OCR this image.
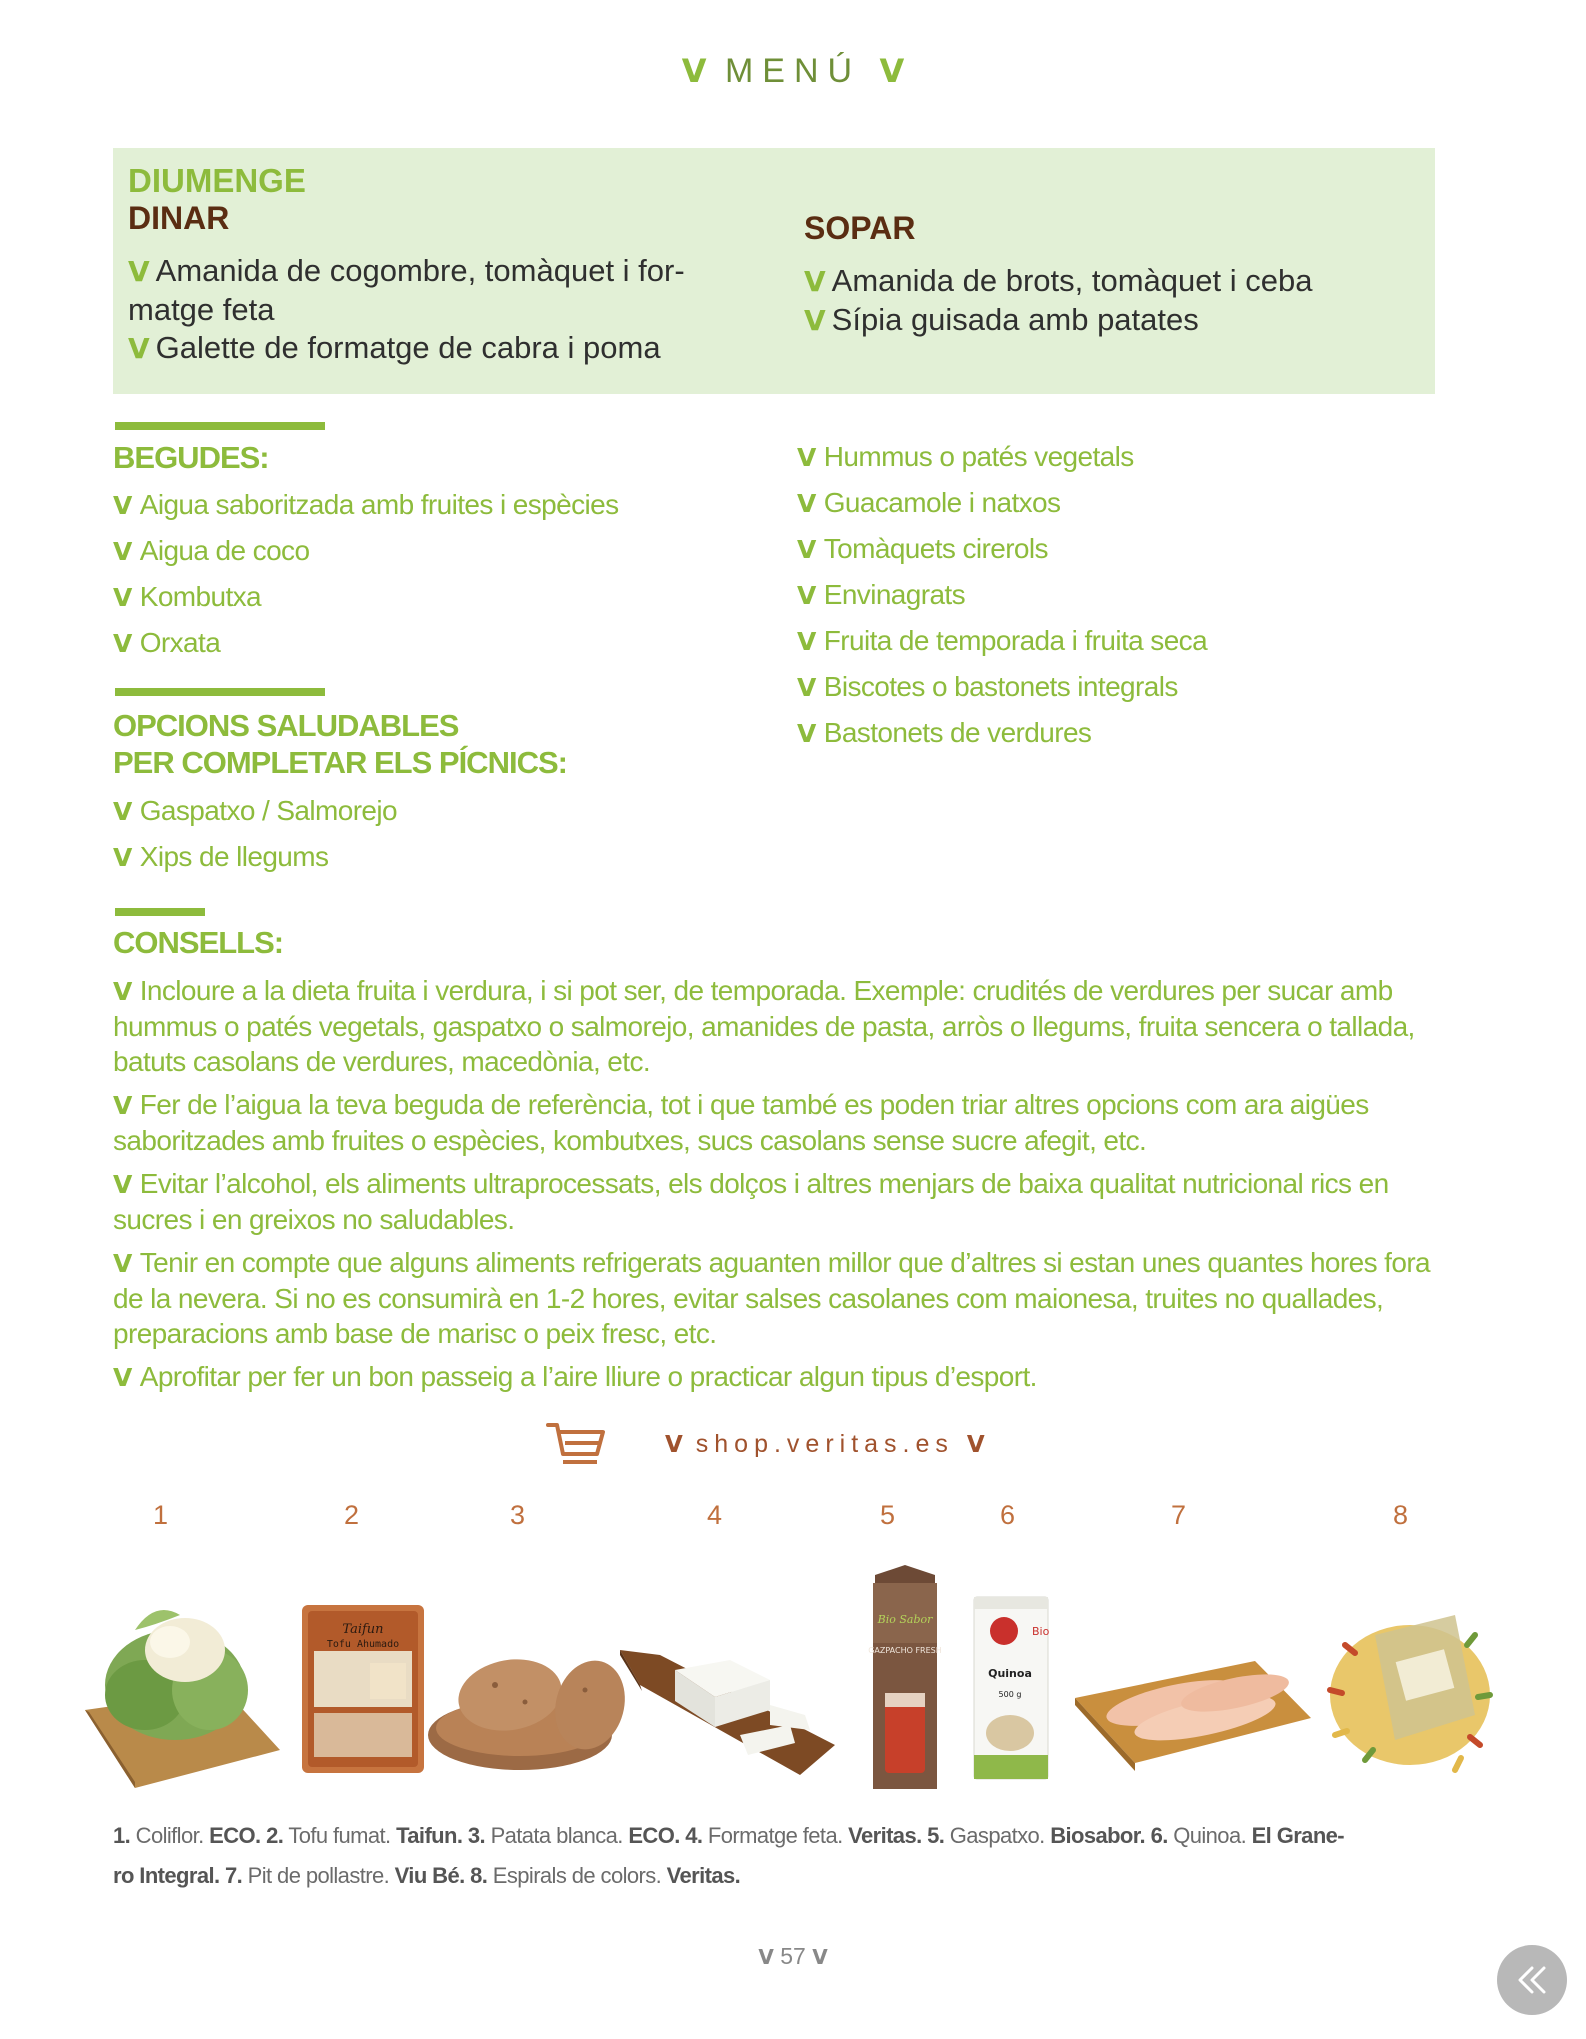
V MENÚ V
DIUMENGE
DINAR
V Amanida de cogombre, tomàquet i for-matge feta
V Galette de formatge de cabra i poma
SOPAR
V Amanida de brots, tomàquet i ceba
V Sípia guisada amb patates
BEGUDES:
V Aigua saboritzada amb fruites i espècies
V Aigua de coco
V Kombutxa
V Orxata
OPCIONS SALUDABLES
PER COMPLETAR ELS PÍCNICS:
V Gaspatxo / Salmorejo
V Xips de llegums
V Hummus o patés vegetals
V Guacamole i natxos
V Tomàquets cirerols
V Envinagrats
V Fruita de temporada i fruita seca
V Biscotes o bastonets integrals
V Bastonets de verdures
CONSELLS:
V Incloure a la dieta fruita i verdura, i si pot ser, de temporada. Exemple: crudités de verdures per sucar amb hummus o patés vegetals, gaspatxo o salmorejo, amanides de pasta, arròs o llegums, fruita sencera o tallada, batuts casolans de verdures, macedònia, etc.
V Fer de l’aigua la teva beguda de referència, tot i que també es poden triar altres opcions com ara aigües saboritzades amb fruites o espècies, kombutxes, sucs casolans sense sucre afegit, etc.
V Evitar l’alcohol, els aliments ultraprocessats, els dolços i altres menjars de baixa qualitat nutricional rics en sucres i en greixos no saludables.
V Tenir en compte que alguns aliments refrigerats aguanten millor que d’altres si estan unes quantes hores fora de la nevera. Si no es consumirà en 1-2 hores, evitar salses casolanes com maionesa, truites no quallades, preparacions amb base de marisc o peix fresc, etc.
V Aprofitar per fer un bon passeig a l’aire lliure o practicar algun tipus d’esport.
V shop.veritas.es V
1	2	3	4	5	6	7	8
Taifun
Tofu Ahumado
Bio Sabor
GAZPACHO FRESH
Bio
Quinoa
500 g
1. Coliflor. ECO. 2. Tofu fumat. Taifun. 3. Patata blanca. ECO. 4. Formatge feta. Veritas. 5. Gaspatxo. Biosabor. 6. Quinoa. El Grane-
ro Integral. 7. Pit de pollastre. Viu Bé. 8. Espirals de colors. Veritas.
V 57 V
